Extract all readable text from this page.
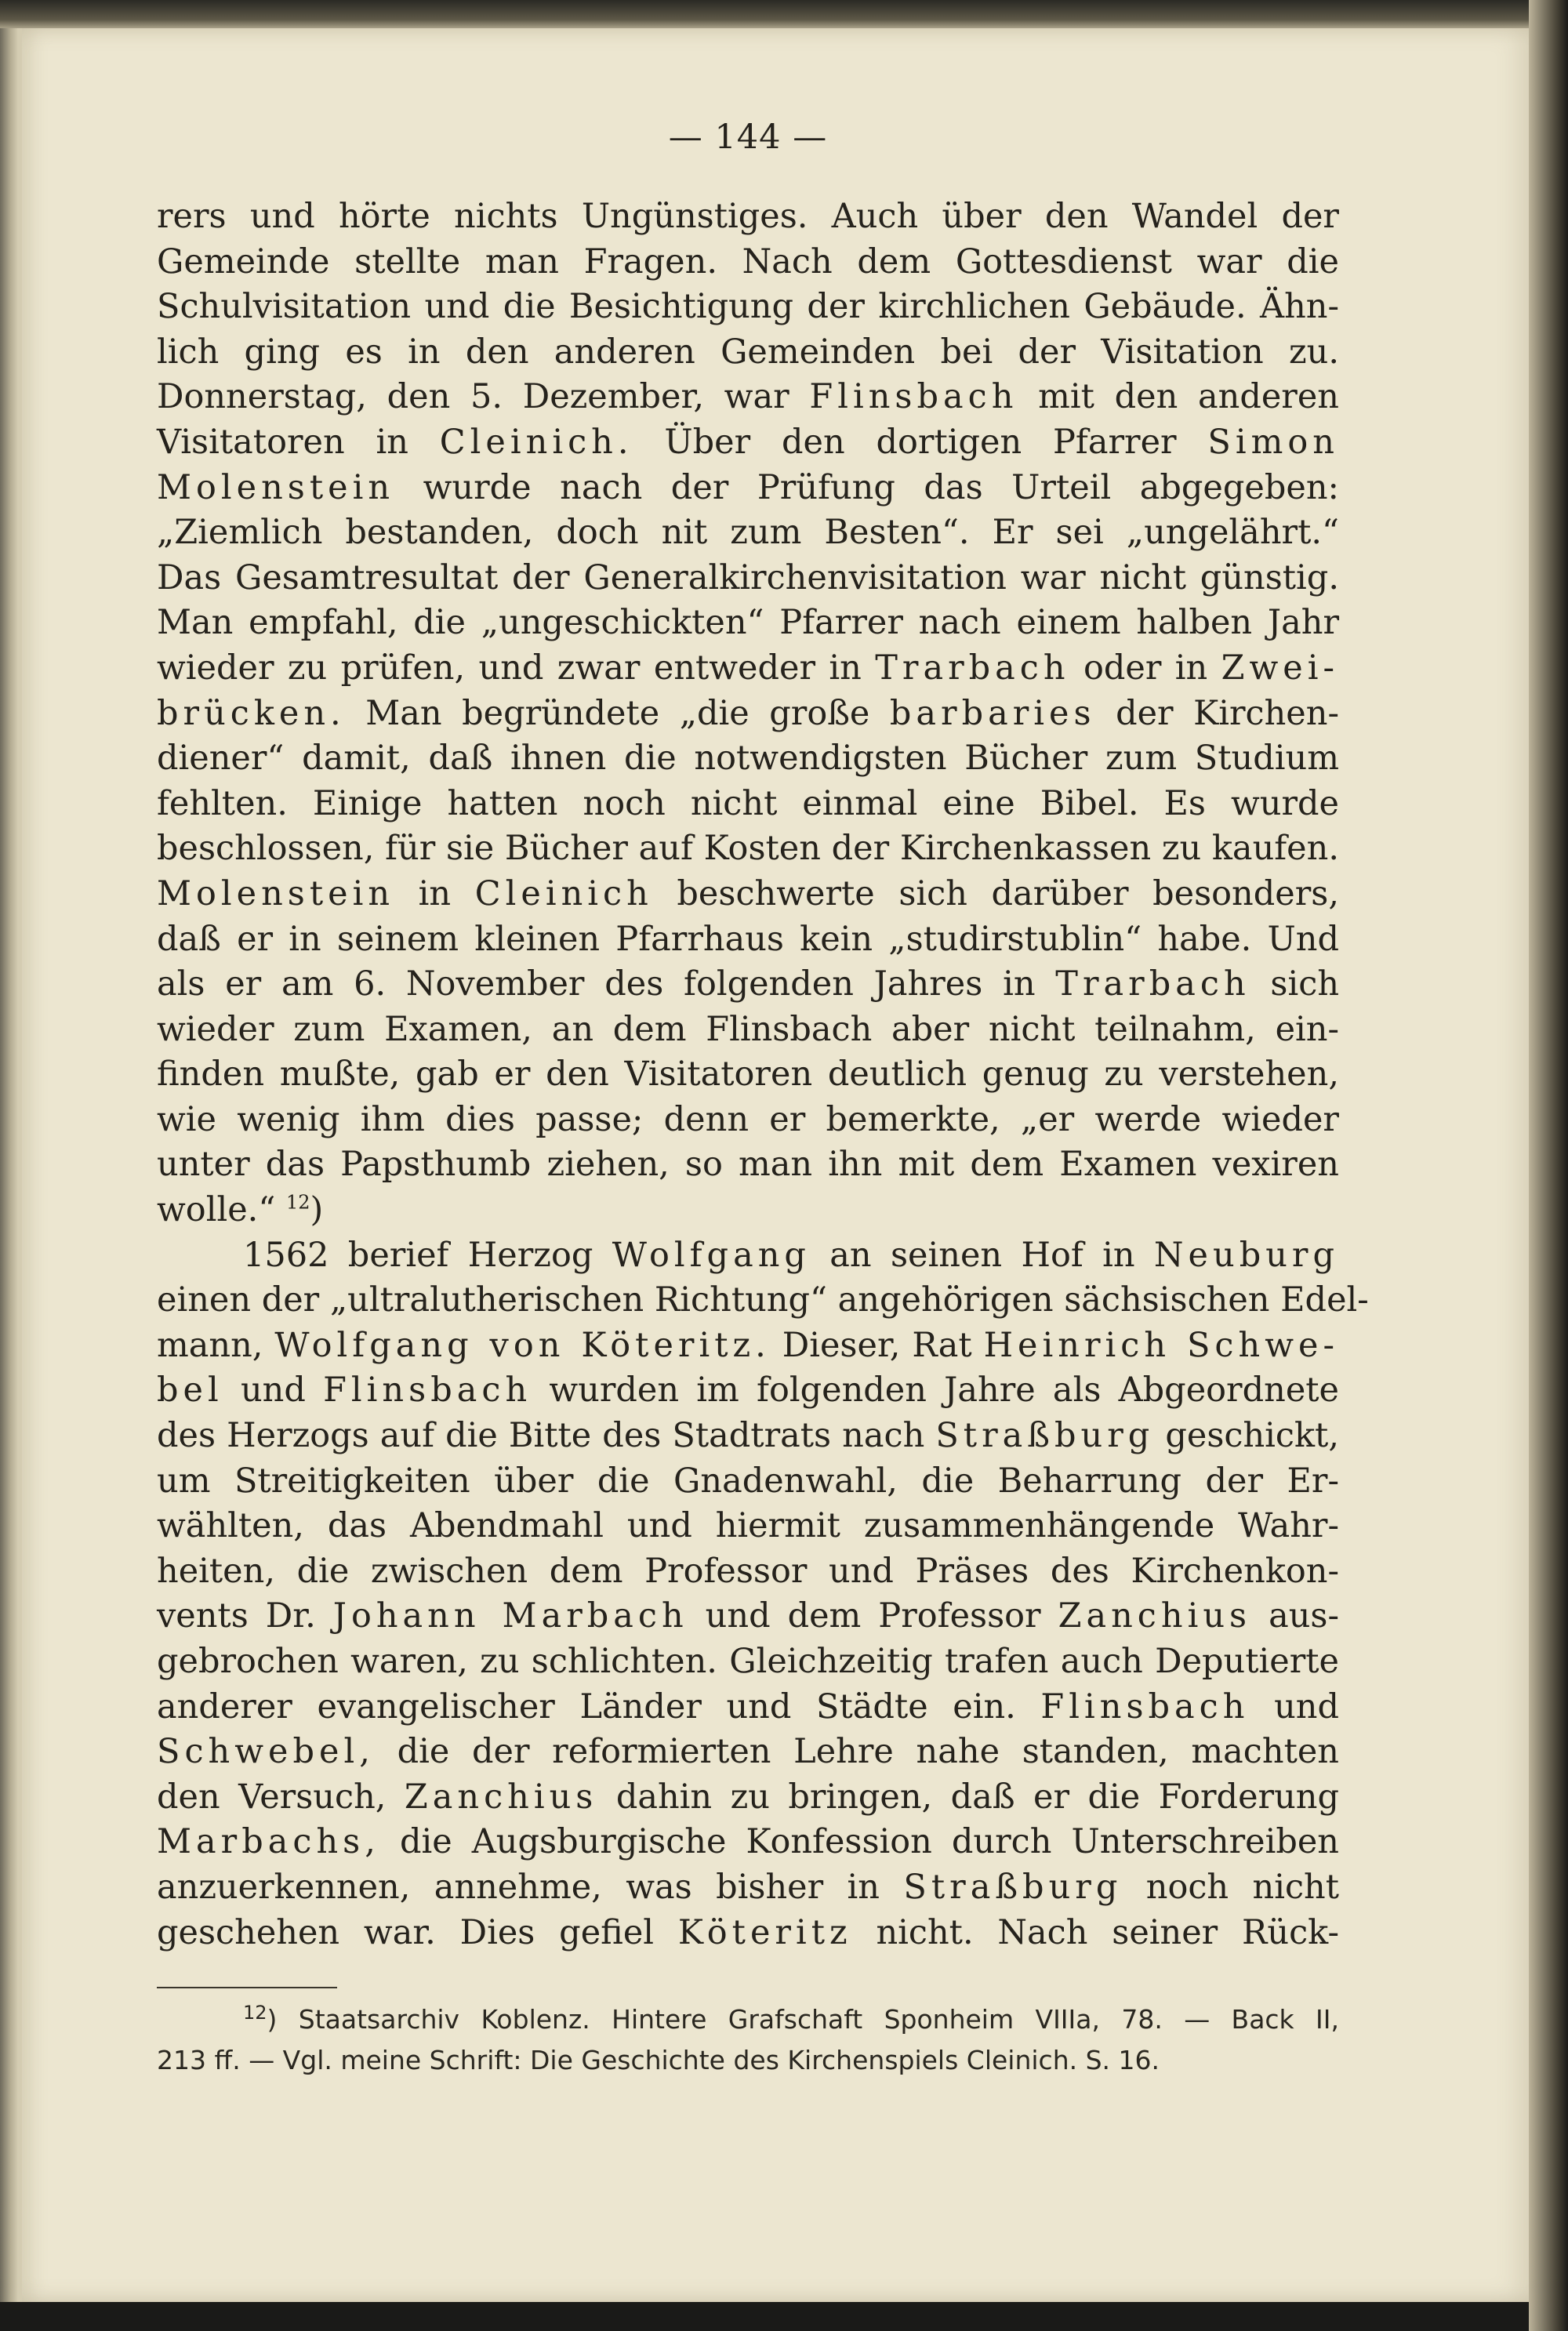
— 144 —

rers und hörte nichts Ungünstiges. Auch über den Wandel der
Gemeinde stellte man Fragen. Nach dem Gottesdienst war die
Schulvisitation und die Besichtigung der kirchlichen Gebäude. Ähn-
lich ging es in den anderen Gemeinden bei der Visitation zu.
Donnerstag, den 5. Dezember, war Flinsbach mit den anderen
Visitatoren in Cleinich. Über den dortigen Pfarrer Simon
Molenstein wurde nach der Prüfung das Urteil abgegeben:
„Ziemlich bestanden, doch nit zum Besten“. Er sei „ungelährt.“
Das Gesamtresultat der Generalkirchenvisitation war nicht günstig.
Man empfahl, die „ungeschickten“ Pfarrer nach einem halben Jahr
wieder zu prüfen, und zwar entweder in Trarbach oder in Zwei-
brücken. Man begründete „die große barbaries der Kirchen-
diener“ damit, daß ihnen die notwendigsten Bücher zum Studium
fehlten. Einige hatten noch nicht einmal eine Bibel. Es wurde
beschlossen, für sie Bücher auf Kosten der Kirchenkassen zu kaufen.
Molenstein in Cleinich beschwerte sich darüber besonders,
daß er in seinem kleinen Pfarrhaus kein „studirstublin“ habe. Und
als er am 6. November des folgenden Jahres in Trarbach sich
wieder zum Examen, an dem Flinsbach aber nicht teilnahm, ein-
finden mußte, gab er den Visitatoren deutlich genug zu verstehen,
wie wenig ihm dies passe; denn er bemerkte, „er werde wieder
unter das Papsthumb ziehen, so man ihn mit dem Examen vexiren
wolle.“ $^{12}$)

1562 berief Herzog Wolfgang an seinen Hof in Neuburg
einen der „ultralutherischen Richtung“ angehörigen sächsischen Edel-
mann, Wolfgang von Köteritz. Dieser, Rat Heinrich Schwe-
bel und Flinsbach wurden im folgenden Jahre als Abgeordnete
des Herzogs auf die Bitte des Stadtrats nach Straßburg geschickt,
um Streitigkeiten über die Gnadenwahl, die Beharrung der Er-
wählten, das Abendmahl und hiermit zusammenhängende Wahr-
heiten, die zwischen dem Professor und Präses des Kirchenkon-
vents Dr. Johann Marbach und dem Professor Zanchius aus-
gebrochen waren, zu schlichten. Gleichzeitig trafen auch Deputierte
anderer evangelischer Länder und Städte ein. Flinsbach und
Schwebel, die der reformierten Lehre nahe standen, machten
den Versuch, Zanchius dahin zu bringen, daß er die Forderung
Marbachs, die Augsburgische Konfession durch Unterschreiben
anzuerkennen, annehme, was bisher in Straßburg noch nicht
geschehen war. Dies gefiel Köteritz nicht. Nach seiner Rück-

$^{12}$) Staatsarchiv Koblenz. Hintere Grafschaft Sponheim VIIIa, 78. — Back II,
213 ff. — Vgl. meine Schrift: Die Geschichte des Kirchenspiels Cleinich. S. 16.
